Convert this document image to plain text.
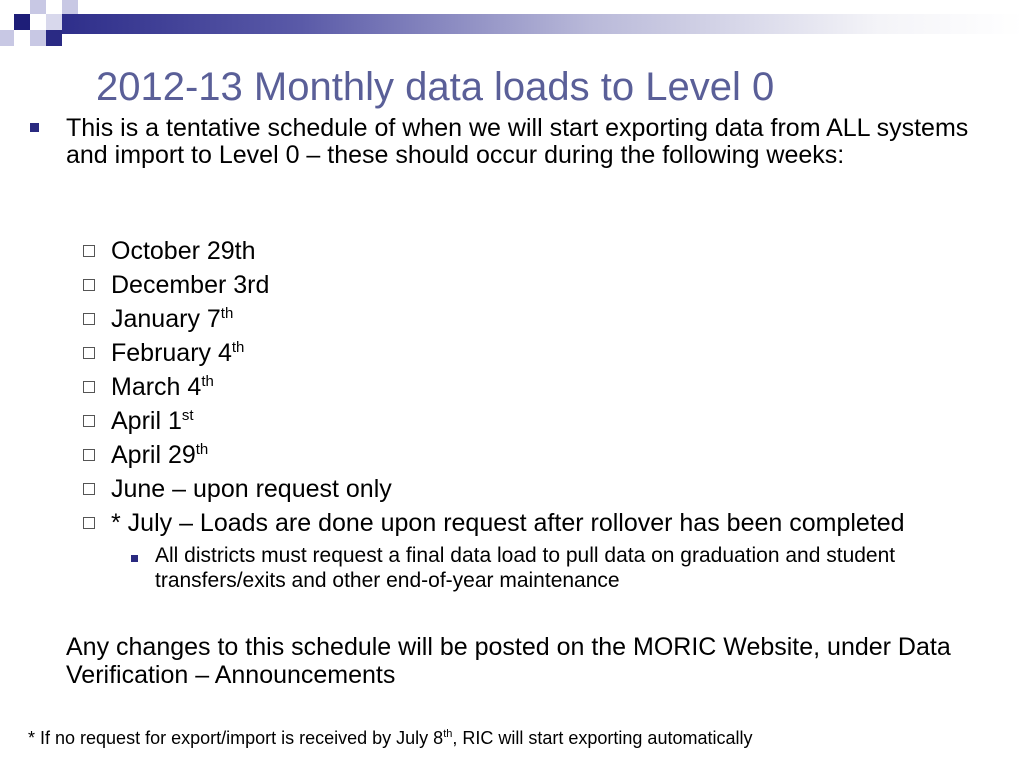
2012-13 Monthly data loads to Level 0
This is a tentative schedule of when we will start exporting data from ALL systems and import to Level 0 – these should occur during the following weeks:
October 29th
December 3rd
January 7th
February 4th
March 4th
April 1st
April 29th
June – upon request only
* July – Loads are done upon request after rollover has been completed
All districts must request a final data load to pull data on graduation and student transfers/exits and other end-of-year maintenance
Any changes to this schedule will be posted on the MORIC Website, under Data Verification – Announcements
* If no request for export/import is received by July 8th, RIC will start exporting automatically
